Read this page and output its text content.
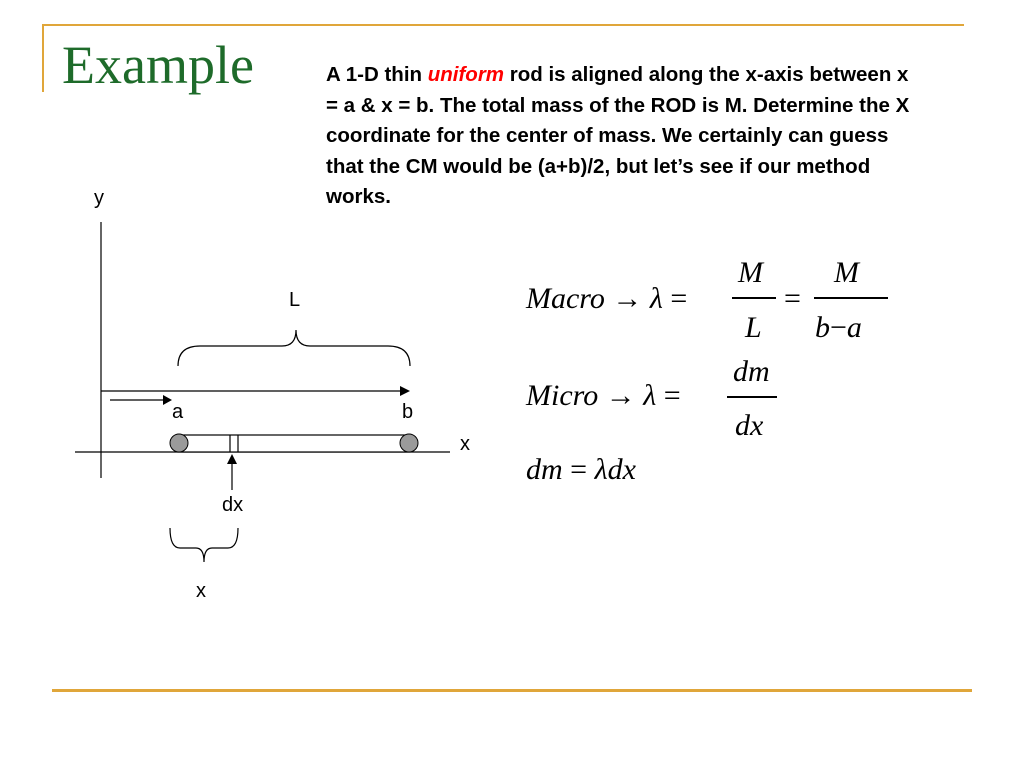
Example	A 1-D thin uniform rod is aligned along the x-axis between x = a & x = b. The total mass of the ROD is M. Determine the X coordinate for the center of mass. We certainly can guess that the CM would be (a+b)/2, but let’s see if our method works.
y
x
L
a	b
dx
x
Macro → λ =
M
L
=
M
b−a
Micro → λ =
dm
dx
dm = λdx
